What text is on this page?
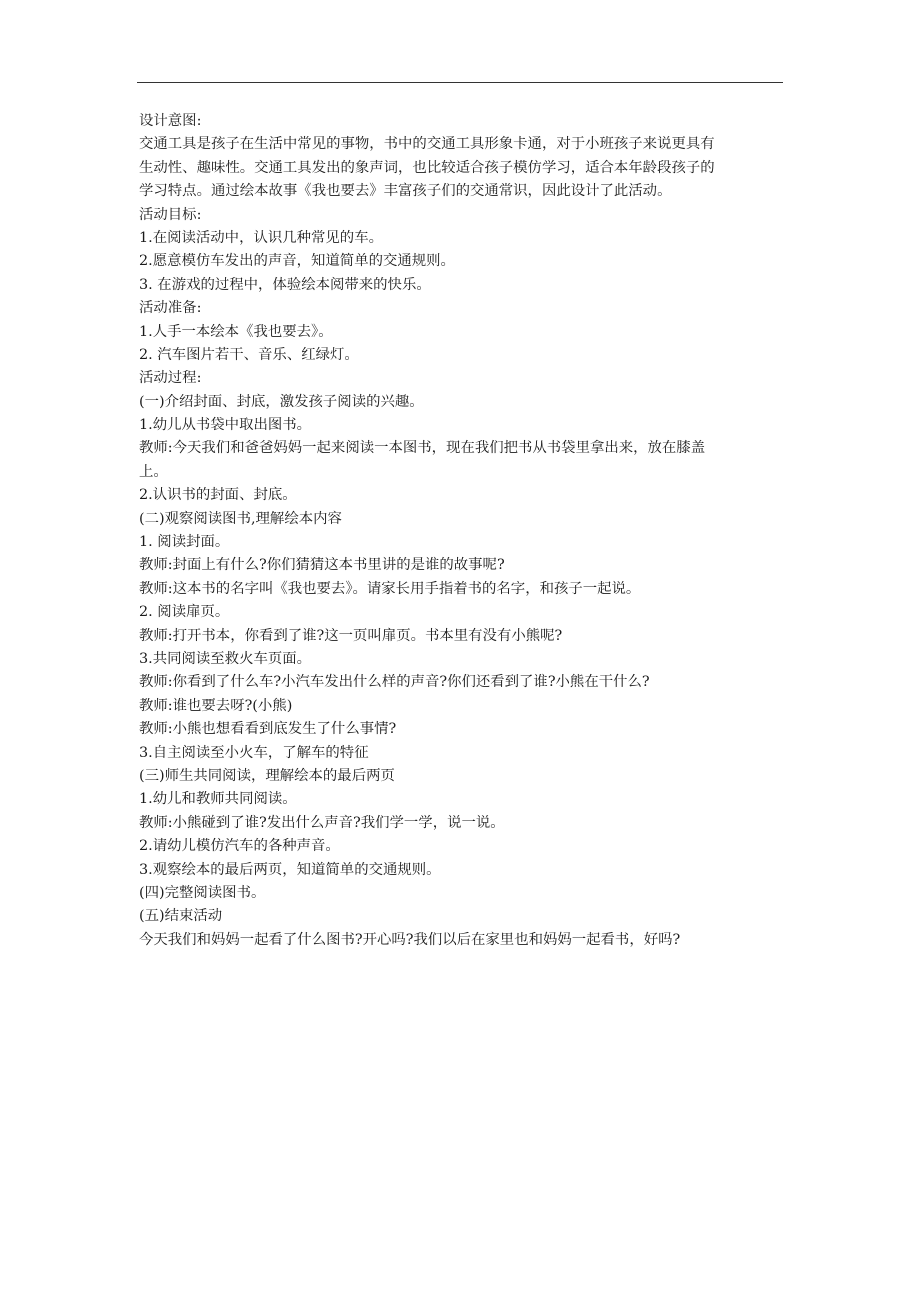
设计意图:
交通工具是孩子在生活中常见的事物，书中的交通工具形象卡通，对于小班孩子来说更具有
生动性、趣味性。交通工具发出的象声词，也比较适合孩子模仿学习，适合本年龄段孩子的
学习特点。通过绘本故事《我也要去》丰富孩子们的交通常识，因此设计了此活动。
活动目标:
1.在阅读活动中，认识几种常见的车。
2.愿意模仿车发出的声音，知道简单的交通规则。
3. 在游戏的过程中，体验绘本阅带来的快乐。
活动准备:
1.人手一本绘本《我也要去》。
2. 汽车图片若干、音乐、红绿灯。
活动过程:
(一)介绍封面、封底，激发孩子阅读的兴趣。
1.幼儿从书袋中取出图书。
教师:今天我们和爸爸妈妈一起来阅读一本图书，现在我们把书从书袋里拿出来，放在膝盖
上。
2.认识书的封面、封底。
(二)观察阅读图书,理解绘本内容
1. 阅读封面。
教师:封面上有什么?你们猜猜这本书里讲的是谁的故事呢?
教师:这本书的名字叫《我也要去》。请家长用手指着书的名字，和孩子一起说。
2. 阅读扉页。
教师:打开书本，你看到了谁?这一页叫扉页。书本里有没有小熊呢?
3.共同阅读至救火车页面。
教师:你看到了什么车?小汽车发出什么样的声音?你们还看到了谁?小熊在干什么?
教师:谁也要去呀?(小熊)
教师:小熊也想看看到底发生了什么事情?
3.自主阅读至小火车，了解车的特征
(三)师生共同阅读，理解绘本的最后两页
1.幼儿和教师共同阅读。
教师:小熊碰到了谁?发出什么声音?我们学一学，说一说。
2.请幼儿模仿汽车的各种声音。
3.观察绘本的最后两页，知道简单的交通规则。
(四)完整阅读图书。
(五)结束活动
今天我们和妈妈一起看了什么图书?开心吗?我们以后在家里也和妈妈一起看书，好吗?
